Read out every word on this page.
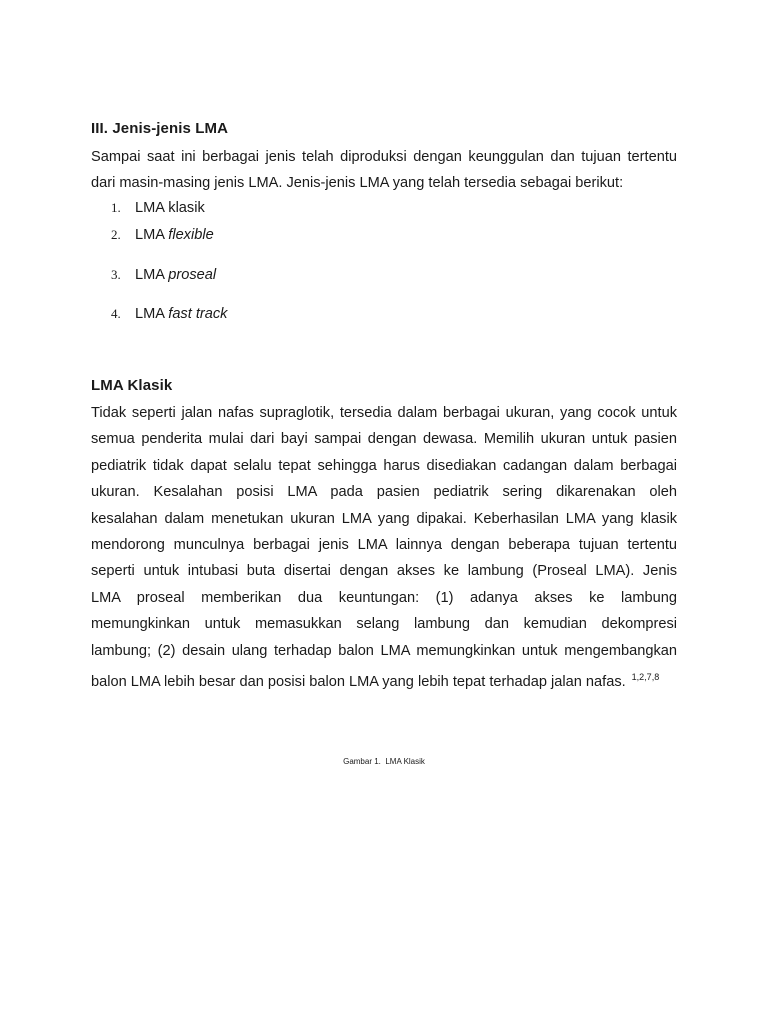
III. Jenis-jenis LMA

Sampai saat ini berbagai jenis telah diproduksi dengan keunggulan dan tujuan tertentu
dari masin-masing jenis LMA. Jenis-jenis LMA yang telah tersedia sebagai berikut:

1. LMA klasik
2. LMA flexible
3. LMA proseal
4. LMA fast track
LMA Klasik

Tidak seperti jalan nafas supraglotik, tersedia dalam berbagai ukuran, yang cocok untuk
semua penderita mulai dari bayi sampai dengan dewasa. Memilih ukuran untuk pasien
pediatrik tidak dapat selalu tepat sehingga harus disediakan cadangan dalam berbagai
ukuran. Kesalahan posisi LMA pada pasien pediatrik sering dikarenakan oleh
kesalahan dalam menetukan ukuran LMA yang dipakai. Keberhasilan LMA yang klasik
mendorong munculnya berbagai jenis LMA lainnya dengan beberapa tujuan tertentu
seperti untuk intubasi buta disertai dengan akses ke lambung (Proseal LMA). Jenis
LMA proseal memberikan dua keuntungan: (1) adanya akses ke lambung
memungkinkan untuk memasukkan selang lambung dan kemudian dekompresi
lambung; (2) desain ulang terhadap balon LMA memungkinkan untuk mengembangkan
balon LMA lebih besar dan posisi balon LMA yang lebih tepat terhadap jalan nafas. $^{1,2,7,8}$

Gambar 1.  LMA Klasik
